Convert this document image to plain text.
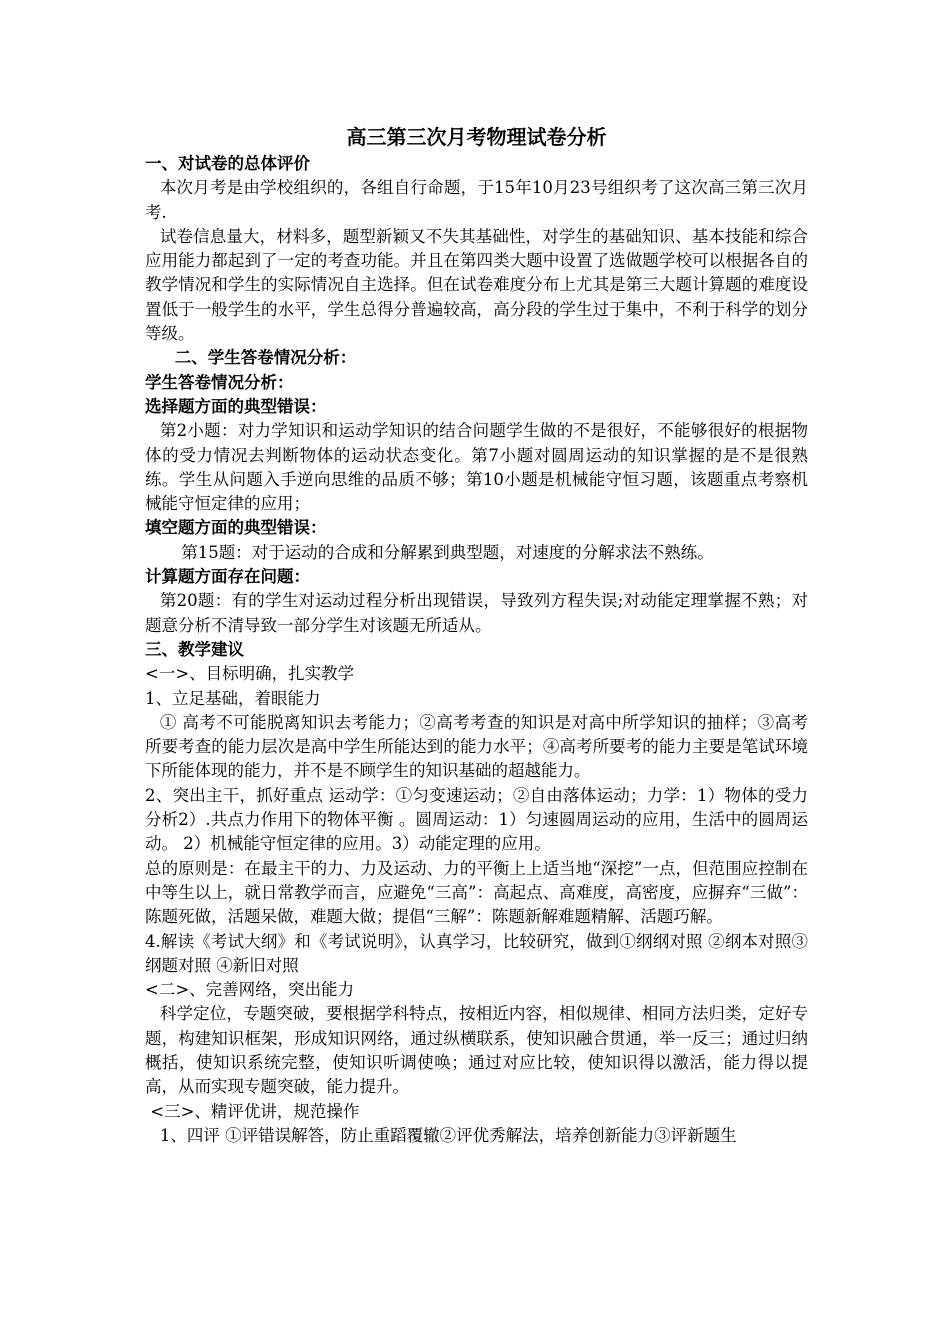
高三第三次月考物理试卷分析

一、对试卷的总体评价

本次月考是由学校组织的，各组自行命题，于15年10月23号组织考了这次高三第三次月考.

试卷信息量大，材料多，题型新颖又不失其基础性，对学生的基础知识、基本技能和综合应用能力都起到了一定的考查功能。并且在第四类大题中设置了选做题学校可以根据各自的教学情况和学生的实际情况自主选择。但在试卷难度分布上尤其是第三大题计算题的难度设置低于一般学生的水平，学生总得分普遍较高，高分段的学生过于集中，不利于科学的划分等级。

二、学生答卷情况分析：

学生答卷情况分析：

选择题方面的典型错误：

第2小题：对力学知识和运动学知识的结合问题学生做的不是很好，不能够很好的根据物体的受力情况去判断物体的运动状态变化。第7小题对圆周运动的知识掌握的是不是很熟练。学生从问题入手逆向思维的品质不够；第10小题是机械能守恒习题，该题重点考察机械能守恒定律的应用；

填空题方面的典型错误：

第15题：对于运动的合成和分解累到典型题，对速度的分解求法不熟练。

计算题方面存在问题：

第20题：有的学生对运动过程分析出现错误，导致列方程失误;对动能定理掌握不熟；对题意分析不清导致一部分学生对该题无所适从。

三、教学建议

<一>、目标明确，扎实教学

1、立足基础，着眼能力

① 高考不可能脱离知识去考能力；②高考考查的知识是对高中所学知识的抽样；③高考所要考查的能力层次是高中学生所能达到的能力水平；④高考所要考的能力主要是笔试环境下所能体现的能力，并不是不顾学生的知识基础的超越能力。

2、突出主干，抓好重点 运动学：①匀变速运动；②自由落体运动；力学：1）物体的受力分析2）.共点力作用下的物体平衡 。圆周运动：1）匀速圆周运动的应用，生活中的圆周运动。 2）机械能守恒定律的应用。3）动能定理的应用。

总的原则是：在最主干的力、力及运动、力的平衡上上适当地“深挖”一点，但范围应控制在中等生以上，就日常教学而言，应避免“三高”：高起点、高难度，高密度，应摒弃“三做”：陈题死做，活题呆做，难题大做；提倡“三解”：陈题新解难题精解、活题巧解。

4.解读《考试大纲》和《考试说明》，认真学习，比较研究，做到①纲纲对照 ②纲本对照③纲题对照 ④新旧对照

<二>、完善网络，突出能力

科学定位，专题突破，要根据学科特点，按相近内容，相似规律、相同方法归类，定好专题，构建知识框架，形成知识网络，通过纵横联系，使知识融合贯通，举一反三；通过归纳概括，使知识系统完整，使知识听调使唤；通过对应比较，使知识得以激活，能力得以提高，从而实现专题突破，能力提升。

<三>、精评优讲，规范操作

1、四评 ①评错误解答，防止重蹈覆辙②评优秀解法，培养创新能力③评新题生
